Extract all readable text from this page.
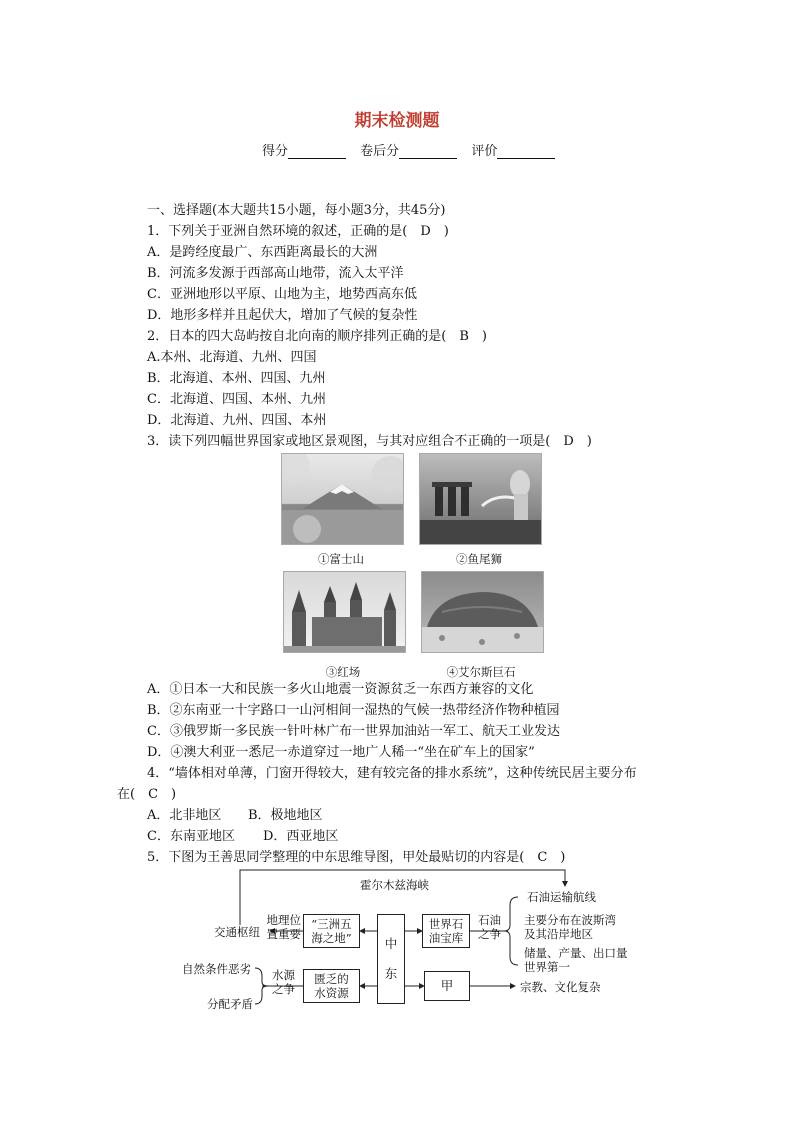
期末检测题
得分	卷后分	评价
一、选择题(本大题共15小题，每小题3分，共45分)
1．下列关于亚洲自然环境的叙述，正确的是(　D　)
A．是跨经度最广、东西距离最长的大洲
B．河流多发源于西部高山地带，流入太平洋
C．亚洲地形以平原、山地为主，地势西高东低
D．地形多样并且起伏大，增加了气候的复杂性
2．日本的四大岛屿按自北向南的顺序排列正确的是(　B　)
A.本州、北海道、九州、四国
B．北海道、本州、四国、九州
C．北海道、四国、本州、九州
D．北海道、九州、四国、本州
3．读下列四幅世界国家或地区景观图，与其对应组合不正确的一项是(　D　)
①富士山	②鱼尾狮
③红场	④艾尔斯巨石
A．①日本一大和民族一多火山地震一资源贫乏一东西方兼容的文化
B．②东南亚一十字路口一山河相间一湿热的气候一热带经济作物种植园
C．③俄罗斯一多民族一针叶林广布一世界加油站一军工、航天工业发达
D．④澳大利亚一悉尼一赤道穿过一地广人稀一“坐在矿车上的国家”
4．“墙体相对单薄，门窗开得较大，建有较完备的排水系统”，这种传统民居主要分布
在(　C　)
A．北非地区 B．极地地区
C．东南亚地区 D．西亚地区
5．下图为王善思同学整理的中东思维导图，甲处最贴切的内容是(　C　)
霍尔木兹海峡
中
东
“三洲五
海之地”
地理位
置重要
交通枢纽
世界石
油宝库
石油
之争
石油运输航线
主要分布在波斯湾
及其沿岸地区
储量、产量、出口量
世界第一
匮乏的
水资源
水源
之争
自然条件恶劣
分配矛盾
甲	宗教、文化复杂
